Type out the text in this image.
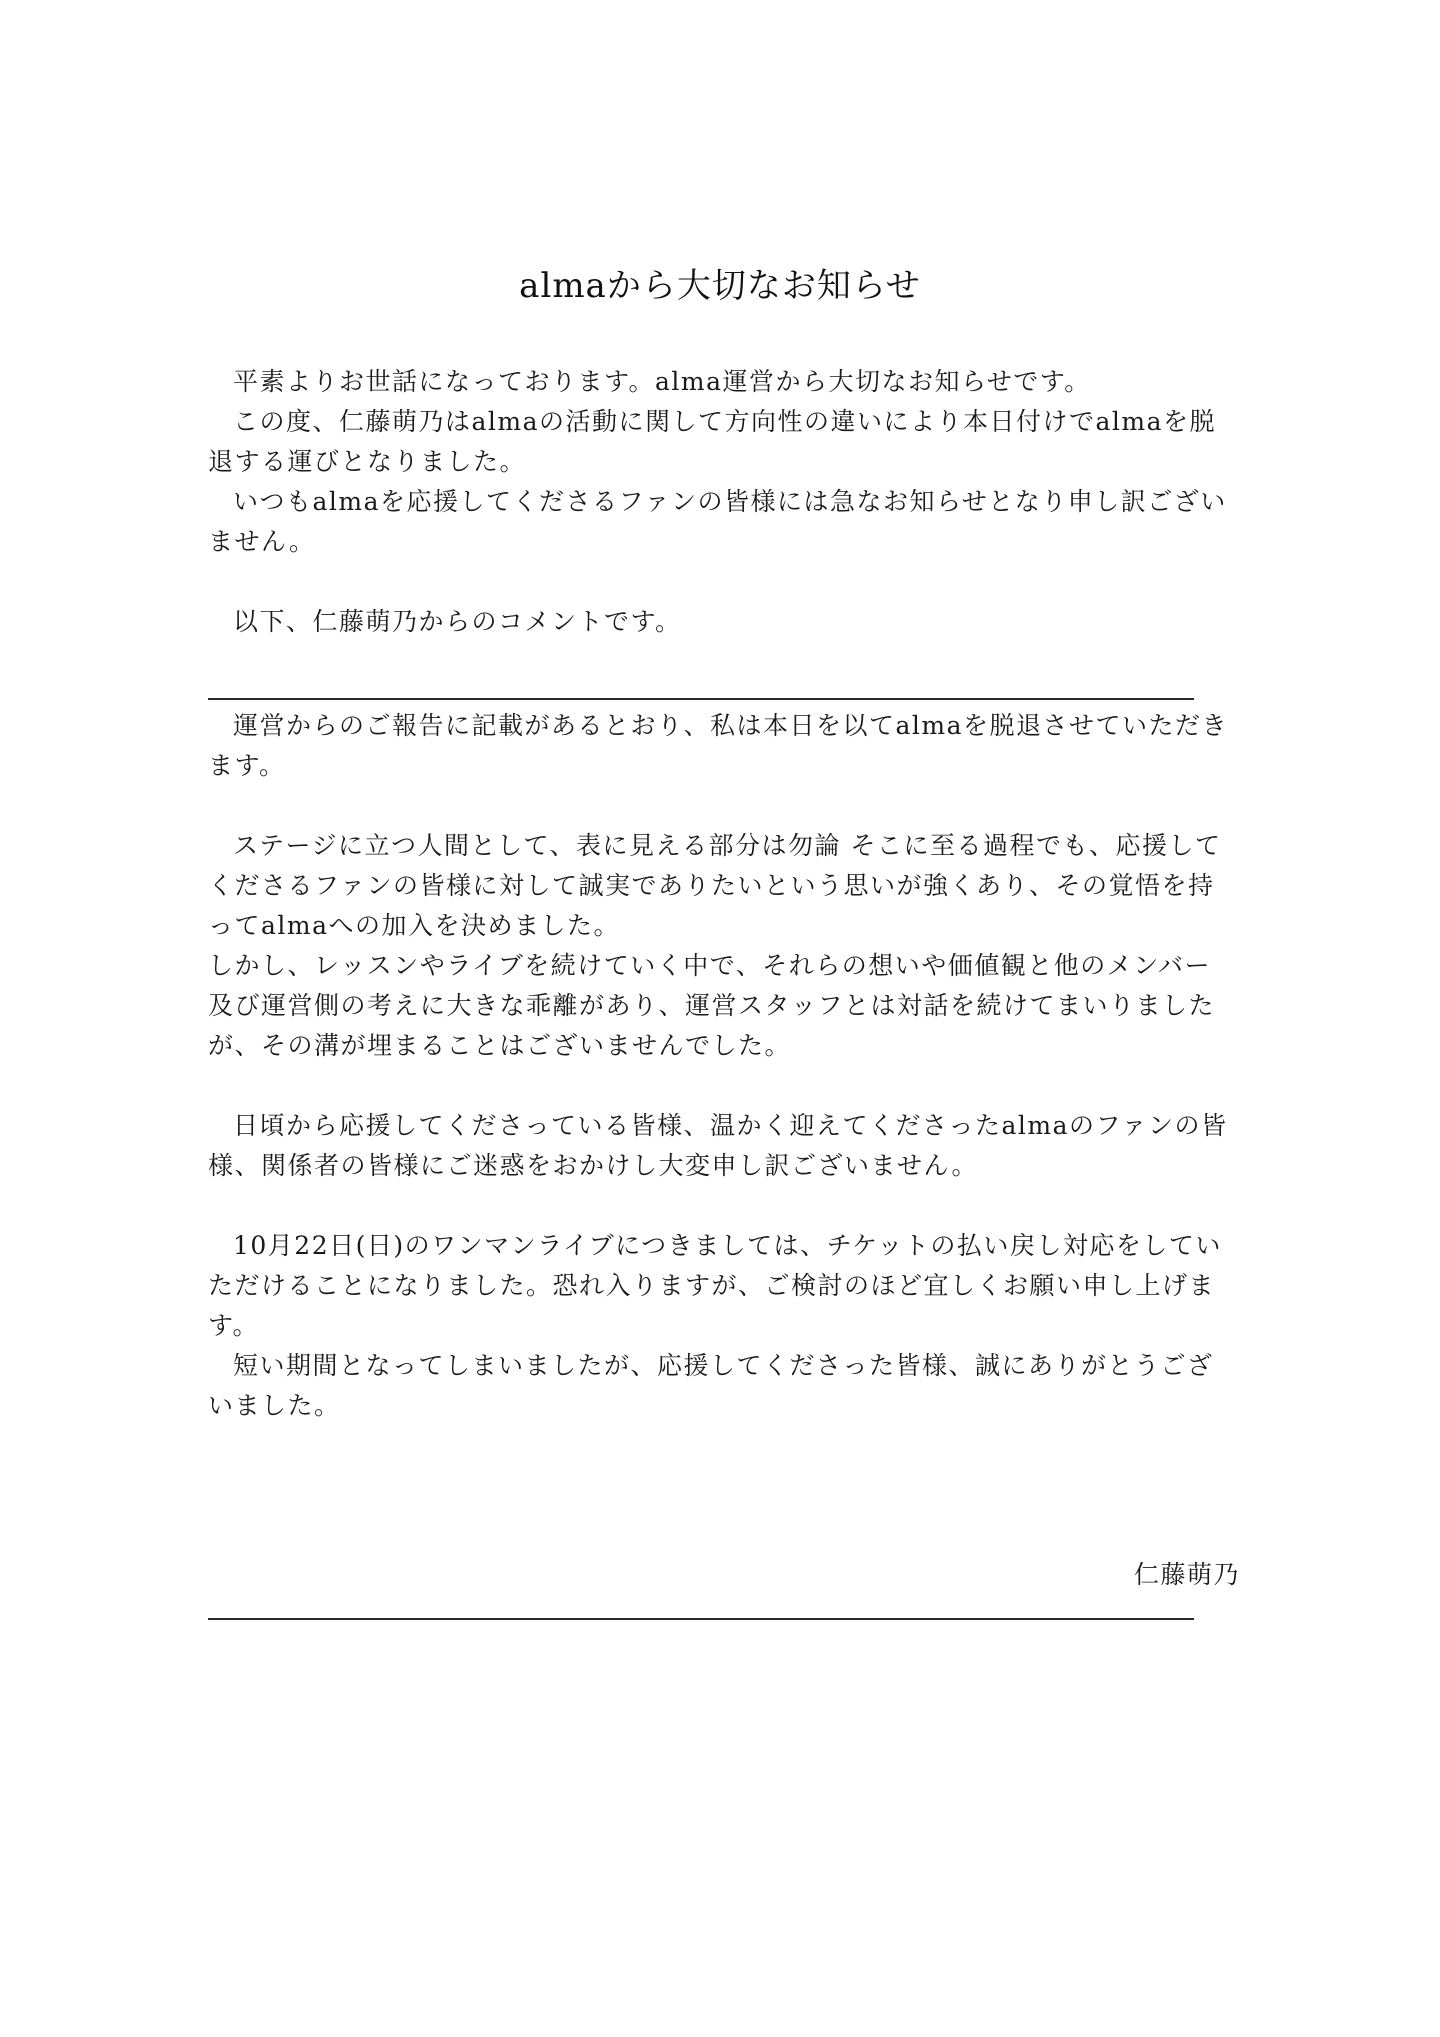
almaから大切なお知らせ

平素よりお世話になっております。alma運営から大切なお知らせです。

この度、仁藤萌乃はalmaの活動に関して方向性の違いにより本日付けでalmaを脱退する運びとなりました。

いつもalmaを応援してくださるファンの皆様には急なお知らせとなり申し訳ございません。

以下、仁藤萌乃からのコメントです。

運営からのご報告に記載があるとおり、私は本日を以てalmaを脱退させていただきます。

ステージに立つ人間として、表に見える部分は勿論 そこに至る過程でも、応援してくださるファンの皆様に対して誠実でありたいという思いが強くあり、その覚悟を持ってalmaへの加入を決めました。

しかし、レッスンやライブを続けていく中で、それらの想いや価値観と他のメンバー及び運営側の考えに大きな乖離があり、運営スタッフとは対話を続けてまいりましたが、その溝が埋まることはございませんでした。

日頃から応援してくださっている皆様、温かく迎えてくださったalmaのファンの皆様、関係者の皆様にご迷惑をおかけし大変申し訳ございません。

10月22日(日)のワンマンライブにつきましては、チケットの払い戻し対応をしていただけることになりました。恐れ入りますが、ご検討のほど宜しくお願い申し上げます。

短い期間となってしまいましたが、応援してくださった皆様、誠にありがとうございました。

仁藤萌乃
